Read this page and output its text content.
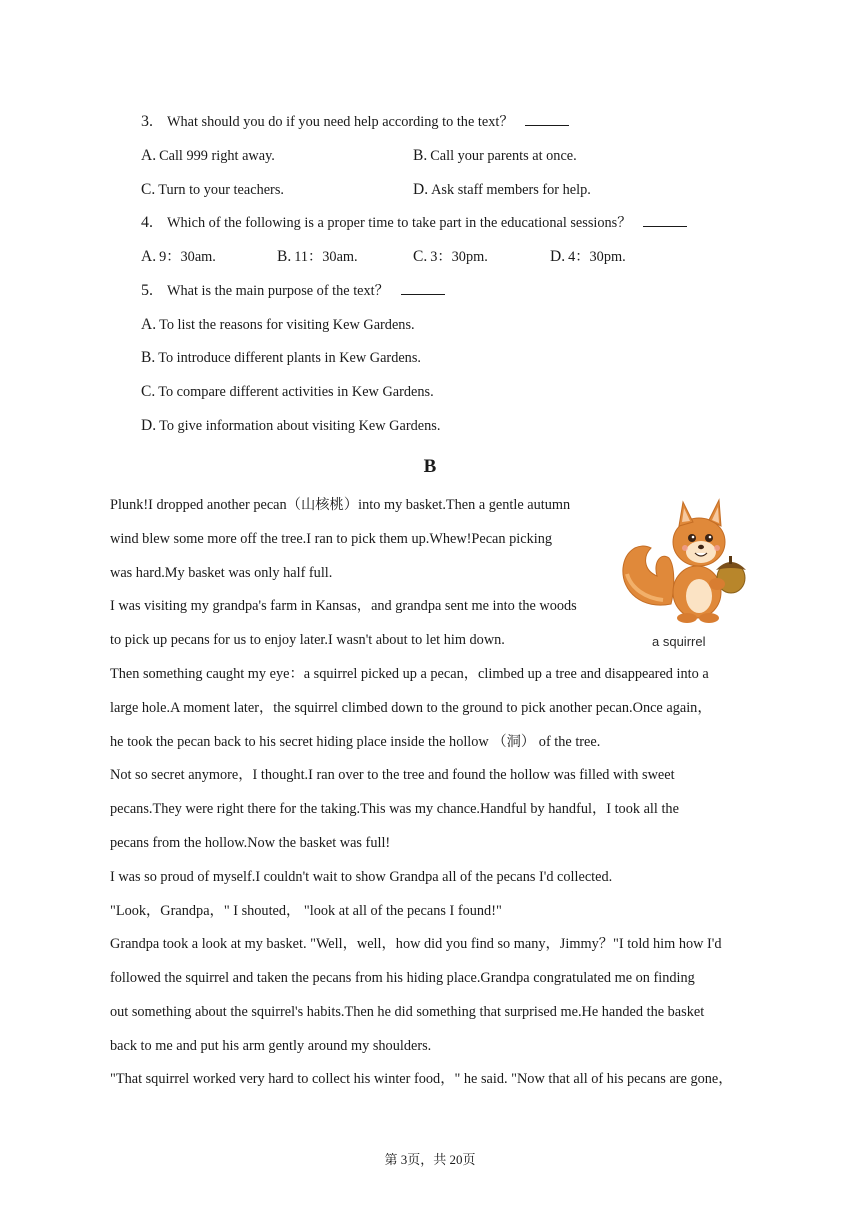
3. What should you do if you need help according to the text？
A. Call 999 right away.	B. Call your parents at once.
C. Turn to your teachers.	D. Ask staff members for help.
4. Which of the following is a proper time to take part in the educational sessions？
A. 9：30am.	B. 11：30am.	C. 3：30pm.	D. 4：30pm.
5. What is the main purpose of the text？
A. To list the reasons for visiting Kew Gardens.
B. To introduce different plants in Kew Gardens.
C. To compare different activities in Kew Gardens.
D. To give information about visiting Kew Gardens.
B
Plunk!I dropped another pecan（山核桃）into my basket.Then a gentle autumn
wind blew some more off the tree.I ran to pick them up.Whew!Pecan picking
was hard.My basket was only half full.
I was visiting my grandpa's farm in Kansas，and grandpa sent me into the woods
to pick up pecans for us to enjoy later.I wasn't about to let him down.
Then something caught my eye：a squirrel picked up a pecan，climbed up a tree and disappeared into a
large hole.A moment later，the squirrel climbed down to the ground to pick another pecan.Once again，
he took the pecan back to his secret hiding place inside the hollow （洞） of the tree.
Not so secret anymore，I thought.I ran over to the tree and found the hollow was filled with sweet
pecans.They were right there for the taking.This was my chance.Handful by handful，I took all the
pecans from the hollow.Now the basket was full!
I was so proud of myself.I couldn't wait to show Grandpa all of the pecans I'd collected.
"Look，Grandpa，" I shouted， "look at all of the pecans I found!"
Grandpa took a look at my basket. "Well，well，how did you find so many，Jimmy？"I told him how I'd
followed the squirrel and taken the pecans from his hiding place.Grandpa congratulated me on finding
out something about the squirrel's habits.Then he did something that surprised me.He handed the basket
back to me and put his arm gently around my shoulders.
"That squirrel worked very hard to collect his winter food，" he said. "Now that all of his pecans are gone，
a squirrel
第 3页，共 20页
